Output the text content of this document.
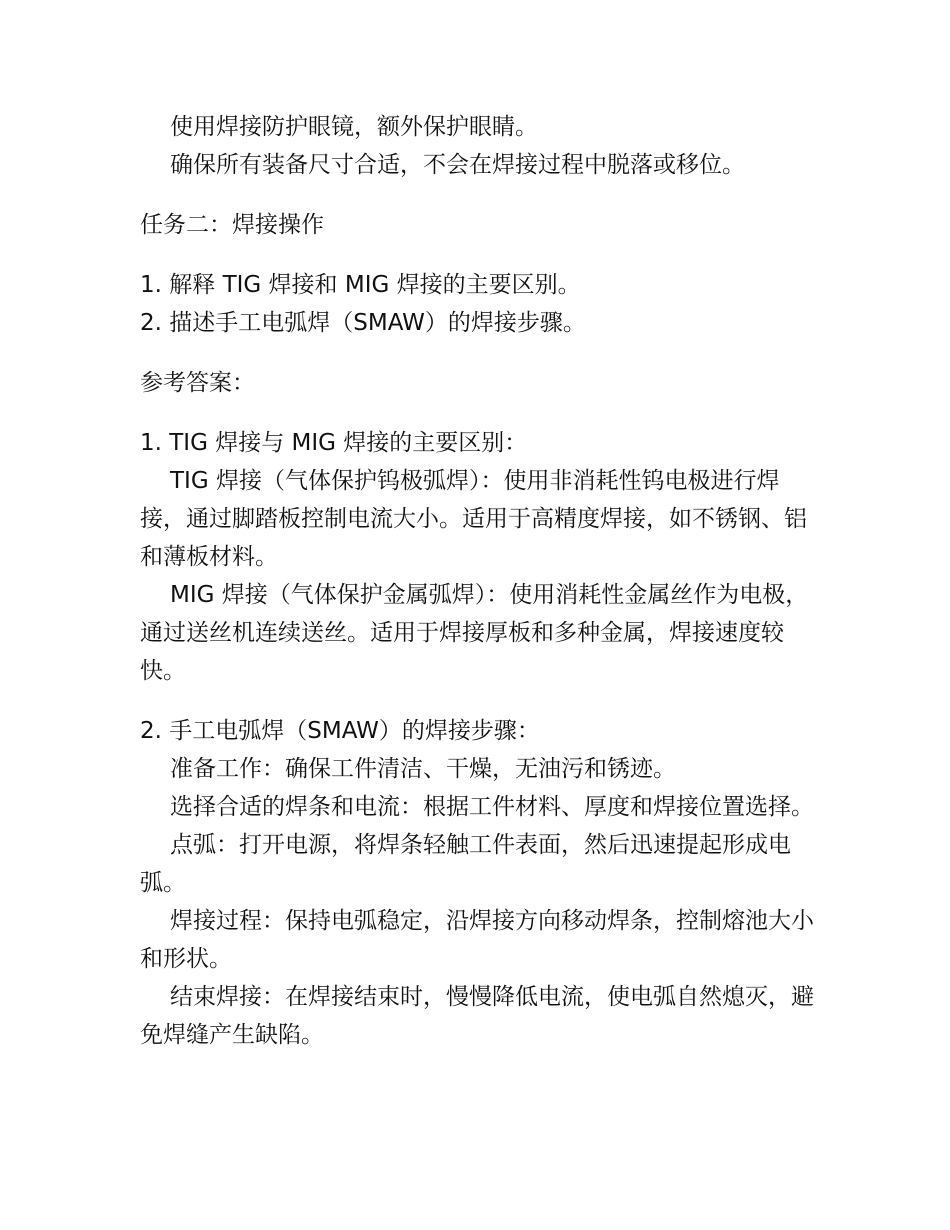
使用焊接防护眼镜，额外保护眼睛。

确保所有装备尺寸合适，不会在焊接过程中脱落或移位。

任务二：焊接操作

1. 解释 TIG 焊接和 MIG 焊接的主要区别。

2. 描述手工电弧焊（SMAW）的焊接步骤。

参考答案：

1. TIG 焊接与 MIG 焊接的主要区别：

TIG 焊接（气体保护钨极弧焊）：使用非消耗性钨电极进行焊接，通过脚踏板控制电流大小。适用于高精度焊接，如不锈钢、铝和薄板材料。

MIG 焊接（气体保护金属弧焊）：使用消耗性金属丝作为电极，通过送丝机连续送丝。适用于焊接厚板和多种金属，焊接速度较快。

2. 手工电弧焊（SMAW）的焊接步骤：

准备工作：确保工件清洁、干燥，无油污和锈迹。

选择合适的焊条和电流：根据工件材料、厚度和焊接位置选择。

点弧：打开电源，将焊条轻触工件表面，然后迅速提起形成电弧。

焊接过程：保持电弧稳定，沿焊接方向移动焊条，控制熔池大小和形状。

结束焊接：在焊接结束时，慢慢降低电流，使电弧自然熄灭，避免焊缝产生缺陷。
